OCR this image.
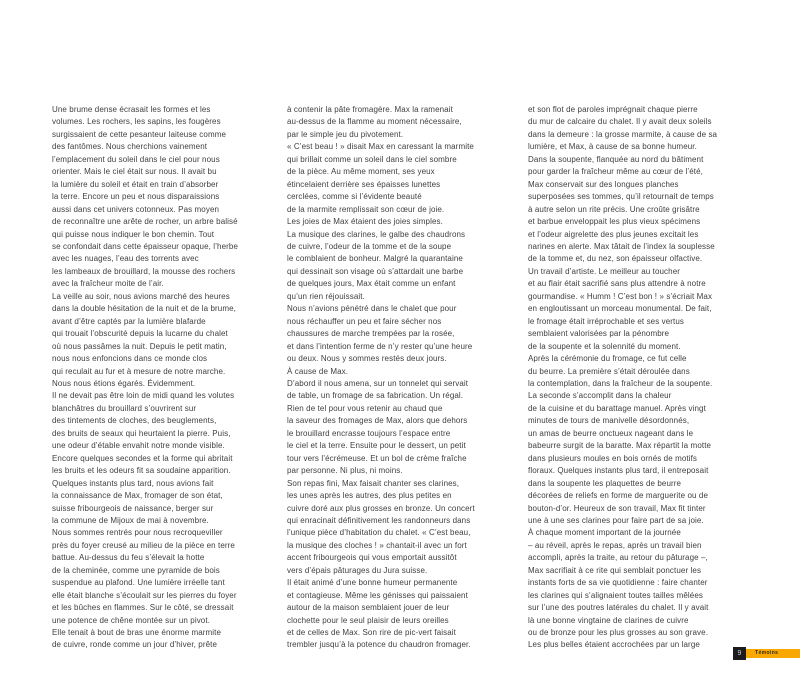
Une brume dense écrasait les formes et les
volumes. Les rochers, les sapins, les fougères
surgissaient de cette pesanteur laiteuse comme
des fantômes. Nous cherchions vainement
l’emplacement du soleil dans le ciel pour nous
orienter. Mais le ciel était sur nous. Il avait bu
la lumière du soleil et était en train d’absorber
la terre. Encore un peu et nous disparaissions
aussi dans cet univers cotonneux. Pas moyen
de reconnaître une arête de rocher, un arbre balisé
qui puisse nous indiquer le bon chemin. Tout
se confondait dans cette épaisseur opaque, l’herbe
avec les nuages, l’eau des torrents avec
les lambeaux de brouillard, la mousse des rochers
avec la fraîcheur moite de l’air.
La veille au soir, nous avions marché des heures
dans la double hésitation de la nuit et de la brume,
avant d’être captés par la lumière blafarde
qui trouait l’obscurité depuis la lucarne du chalet
où nous passâmes la nuit. Depuis le petit matin,
nous nous enfoncions dans ce monde clos
qui reculait au fur et à mesure de notre marche.
Nous nous étions égarés. Évidemment.
Il ne devait pas être loin de midi quand les volutes
blanchâtres du brouillard s’ouvrirent sur
des tintements de cloches, des beuglements,
des bruits de seaux qui heurtaient la pierre. Puis,
une odeur d’étable envahit notre monde visible.
Encore quelques secondes et la forme qui abritait
les bruits et les odeurs fit sa soudaine apparition.
Quelques instants plus tard, nous avions fait
la connaissance de Max, fromager de son état,
suisse fribourgeois de naissance, berger sur
la commune de Mijoux de mai à novembre.
Nous sommes rentrés pour nous recroqueviller
près du foyer creusé au milieu de la pièce en terre
battue. Au-dessus du feu s’élevait la hotte
de la cheminée, comme une pyramide de bois
suspendue au plafond. Une lumière irréelle tant
elle était blanche s’écoulait sur les pierres du foyer
et les bûches en flammes. Sur le côté, se dressait
une potence de chêne montée sur un pivot.
Elle tenait à bout de bras une énorme marmite
de cuivre, ronde comme un jour d’hiver, prête
à contenir la pâte fromagère. Max la ramenait
au-dessus de la flamme au moment nécessaire,
par le simple jeu du pivotement.
« C’est beau ! » disait Max en caressant la marmite
qui brillait comme un soleil dans le ciel sombre
de la pièce. Au même moment, ses yeux
étincelaient derrière ses épaisses lunettes
cerclées, comme si l’évidente beauté
de la marmite remplissait son cœur de joie.
Les joies de Max étaient des joies simples.
La musique des clarines, le galbe des chaudrons
de cuivre, l’odeur de la tomme et de la soupe
le comblaient de bonheur. Malgré la quarantaine
qui dessinait son visage où s’attardait une barbe
de quelques jours, Max était comme un enfant
qu’un rien réjouissait.
Nous n’avions pénétré dans le chalet que pour
nous réchauffer un peu et faire sécher nos
chaussures de marche trempées par la rosée,
et dans l’intention ferme de n’y rester qu’une heure
ou deux. Nous y sommes restés deux jours.
À cause de Max.
D’abord il nous amena, sur un tonnelet qui servait
de table, un fromage de sa fabrication. Un régal.
Rien de tel pour vous retenir au chaud que
la saveur des fromages de Max, alors que dehors
le brouillard encrasse toujours l’espace entre
le ciel et la terre. Ensuite pour le dessert, un petit
tour vers l’écrémeuse. Et un bol de crème fraîche
par personne. Ni plus, ni moins.
Son repas fini, Max faisait chanter ses clarines,
les unes après les autres, des plus petites en
cuivre doré aux plus grosses en bronze. Un concert
qui enracinait définitivement les randonneurs dans
l’unique pièce d’habitation du chalet. « C’est beau,
la musique des cloches ! » chantait-il avec un fort
accent fribourgeois qui vous emportait aussitôt
vers d’épais pâturages du Jura suisse.
Il était animé d’une bonne humeur permanente
et contagieuse. Même les génisses qui paissaient
autour de la maison semblaient jouer de leur
clochette pour le seul plaisir de leurs oreilles
et de celles de Max. Son rire de pic-vert faisait
trembler jusqu’à la potence du chaudron fromager.
et son flot de paroles imprégnait chaque pierre
du mur de calcaire du chalet. Il y avait deux soleils
dans la demeure : la grosse marmite, à cause de sa
lumière, et Max, à cause de sa bonne humeur.
Dans la soupente, flanquée au nord du bâtiment
pour garder la fraîcheur même au cœur de l’été,
Max conservait sur des longues planches
superposées ses tommes, qu’il retournait de temps
à autre selon un rite précis. Une croûte grisâtre
et barbue enveloppait les plus vieux spécimens
et l’odeur aigrelette des plus jeunes excitait les
narines en alerte. Max tâtait de l’index la souplesse
de la tomme et, du nez, son épaisseur olfactive.
Un travail d’artiste. Le meilleur au toucher
et au flair était sacrifié sans plus attendre à notre
gourmandise. « Humm ! C’est bon ! » s’écriait Max
en engloutissant un morceau monumental. De fait,
le fromage était irréprochable et ses vertus
semblaient valorisées par la pénombre
de la soupente et la solennité du moment.
Après la cérémonie du fromage, ce fut celle
du beurre. La première s’était déroulée dans
la contemplation, dans la fraîcheur de la soupente.
La seconde s’accomplit dans la chaleur
de la cuisine et du barattage manuel. Après vingt
minutes de tours de manivelle désordonnés,
un amas de beurre onctueux nageant dans le
babeurre surgit de la baratte. Max répartit la motte
dans plusieurs moules en bois ornés de motifs
floraux. Quelques instants plus tard, il entreposait
dans la soupente les plaquettes de beurre
décorées de reliefs en forme de marguerite ou de
bouton-d’or. Heureux de son travail, Max fit tinter
une à une ses clarines pour faire part de sa joie.
À chaque moment important de la journée
– au réveil, après le repas, après un travail bien
accompli, après la traite, au retour du pâturage –,
Max sacrifiait à ce rite qui semblait ponctuer les
instants forts de sa vie quotidienne : faire chanter
les clarines qui s’alignaient toutes tailles mêlées
sur l’une des poutres latérales du chalet. Il y avait
là une bonne vingtaine de clarines de cuivre
ou de bronze pour les plus grosses au son grave.
Les plus belles étaient accrochées par un large
9	Témoins
